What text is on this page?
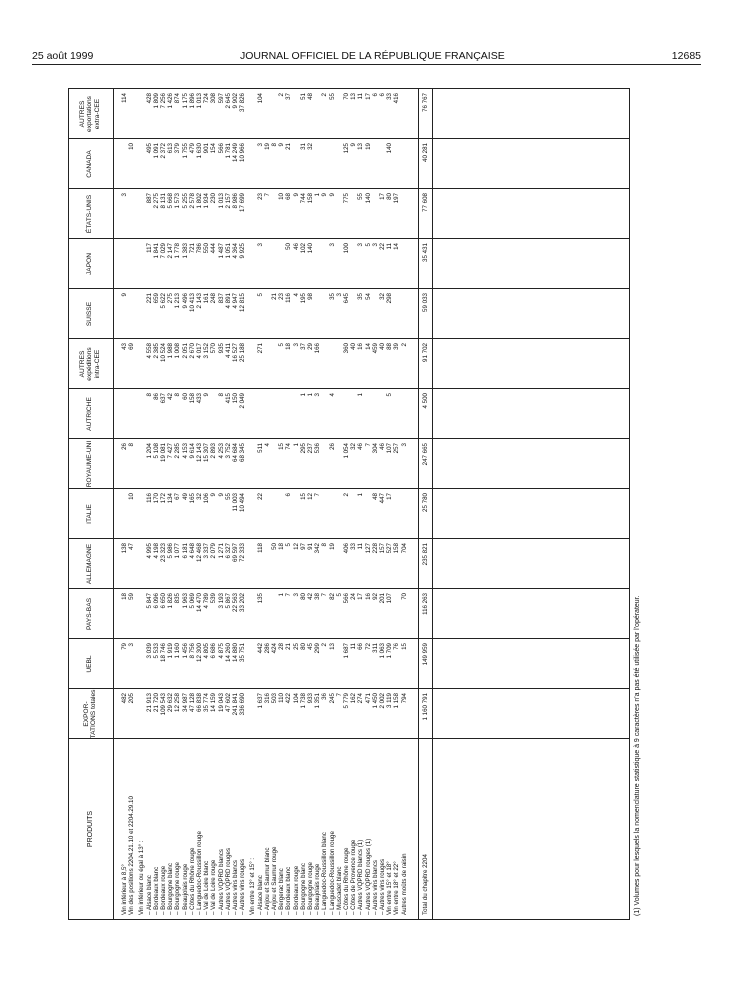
25 août 1999	JOURNAL OFFICIEL DE LA RÉPUBLIQUE FRANÇAISE	12685
PRODUITS
EXPOR-TATIONS totales
UEBL
PAYS-BAS
ALLEMAGNE
ITALIE
ROYAUME-UNI
AUTRICHE
AUTRES expéditions intra-CEE
SUISSE
JAPON
ÉTATS-UNIS
CANADA
AUTRES exportations extra-CEE
Vin inférieur à 8,5°
482
79
18
138
26
43
9
3
114
Vin des positions 2204.21.10 et 2204.29.10
205
3
59
47
10
8
69
10
Vin inférieur ou égal à 13° : – Alsace blanc
21 913
3 039
5 847
4 995
116
1 204
8
4 558
221
117
887
495
428
– Bordeaux blanc
21 720
5 533
6 096
4 198
170
5 108
86
2 385
659
1 841
2 275
1 091
1 809
– Bordeaux rouge
109 543
18 746
6 650
23 323
172
19 081
637
10 524
5 622
7 029
8 131
2 372
7 256
– Bourgogne blanc
29 632
1 919
1 826
5 986
134
7 427
42
1 988
275
2 147
5 668
613
1 426
– Bourgogne rouge
12 258
1 160
835
1 077
67
2 285
8
1 008
1 213
1 778
1 573
379
874
– Beaujolais rouge
34 987
1 456
1 963
6 181
49
4 153
60
2 051
9 496
1 383
5 255
1 755
1 175
– Côtes du Rhône rouge
47 128
8 756
5 069
4 648
165
9 614
158
2 670
10 413
721
2 578
479
1 896
– Languedoc-Roussillon rouge
66 838
12 300
14 470
12 468
32
12 143
433
4 017
2 143
786
1 802
1 630
1 013
– Val de Loire blanc
35 774
4 805
4 789
3 337
106
15 307
9
3 152
161
550
1 934
901
724
– Val de Loire rouge
14 159
6 686
539
2 079
9
2 893
570
248
444
230
154
308
– Autres VQPRD blancs
19 043
4 875
3 193
1 271
9
4 253
8
935
837
1 487
1 013
566
597
– Autres VQPRD rouges
47 602
14 260
5 867
6 327
55
3 752
415
4 411
4 891
1 051
2 157
1 781
2 645
– Autres vins blancs
241 841
14 880
22 563
69 597
11 003
64 684
150
16 527
4 947
4 364
8 986
14 249
9 902
– Autres vins rouges
336 690
35 751
33 202
72 333
10 494
68 345
2 049
25 188
12 815
9 925
17 699
10 966
37 826
Vin entre 13° et 15° : – Alsace blanc
1 637
442
135
118
22
511
271
5
3
23
3
104
– Anjou et Saumur blanc
316
286
4
7
19
– Anjou et Saumur rouge
503
424
50
21
8
– Bergerac blanc
110
28
1
18
15
5
23
10
9
2
– Bordeaux blanc
422
21
7
5
6
74
18
116
50
68
21
37
– Bordeaux rouge
104
25
3
12
1
3
4
46
9
– Bourgogne blanc
1 738
80
80
97
15
295
1
37
195
102
744
31
51
– Bourgogne rouge
933
45
42
91
12
237
1
29
98
140
158
32
48
– Beaujolais rouge
1 351
299
38
342
7
536
3
166
1
– Languedoc-Roussillon blanc
36
2
7
8
9
2
– Languedoc-Roussillon rouge
245
13
82
19
26
4
35
3
9
55
– Muscadet blanc
7
5
3
– Côtes du Rhône rouge
5 779
1 687
566
406
2
1 054
360
645
100
775
125
70
– Côtes de Provence rouge
162
11
24
33
32
40
9
13
– Autres VQPRD blancs (1)
274
66
17
11
1
46
1
16
35
3
55
13
11
– Autres VQPRD rouges (1)
471
72
16
127
7
14
54
5
140
19
17
– Autres vins blancs
1 450
311
92
228
48
304
459
3
6
– Autres vins rouges
2 002
1 063
201
157
447
46
40
32
22
17
6
Vin entre 15° et 18°
3 119
1 709
107
527
17
107
5
88
298
11
80
140
33
Vin entre 18° et 22°
1 158
76
158
257
39
14
197
416
Autres moûts de raisin
794
15
70
704
3
2
Total du chapitre 2204
1 160 791
149 959
116 263
235 821
25 780
247 665
4 500
91 702
59 033
35 431
77 608
40 281
76 767
(1) Volumes pour lesquels la nomenclature statistique à 9 caractères n'a pas été utilisée par l'opérateur.
